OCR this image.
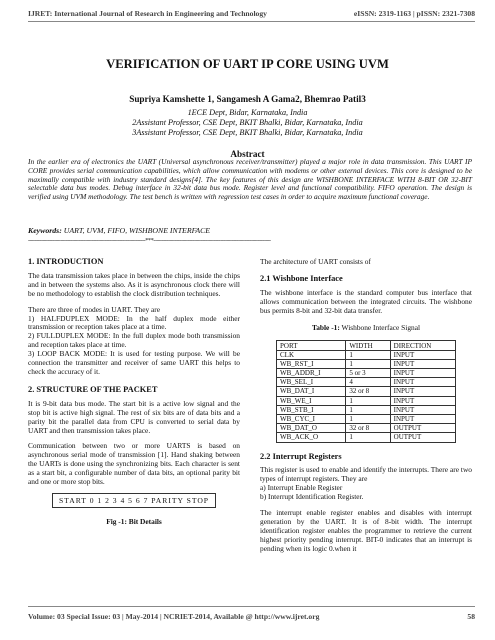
IJRET: International Journal of Research in Engineering and Technology	eISSN: 2319-1163 | pISSN: 2321-7308
VERIFICATION OF UART IP CORE USING UVM
Supriya Kamshette 1, Sangamesh A Gama2, Bhemrao Patil3
1ECE Dept, Bidar, Karnataka, India
2Assistant Professor, CSE Dept, BKIT Bhalki, Bidar, Karnataka, India
3Assistant Professor, CSE Dept, BKIT Bhalki, Bidar, Karnataka, India
Abstract
In the earlier era of electronics the UART (Universal asynchronous receiver/transmitter) played a major role in data transmission. This UART IP CORE provides serial communication capabilities, which allow communication with modems or other external devices. This core is designed to be maximally compatible with industry standard designs[4]. The key features of this design are WISHBONE INTERFACE WITH 8-BIT OR 32-BIT selectable data bus modes. Debug interface in 32-bit data bus mode. Register level and functional compatibility. FIFO operation. The design is verified using UVM methodology. The test bench is written with regression test cases in order to acquire maximum functional coverage.
Keywords: UART, UVM, FIFO, WISHBONE INTERFACE
------------------------------------------------------------------------***------------------------------------------------------------------------

1. INTRODUCTION

The data transmission takes place in between the chips, inside the chips and in between the systems also. As it is asynchronous clock there will be no methodology to establish the clock distribution techniques.

There are three of modes in UART. They are

1) HALFDUPLEX MODE: In the half duplex mode either transmission or reception takes place at a time.

2) FULLDUPLEX MODE: In the full duplex mode both transmission and reception takes place at time.

3) LOOP BACK MODE: It is used for testing purpose. We will be connection the transmitter and receiver of same UART this helps to check the accuracy of it.

2. STRUCTURE OF THE PACKET

It is 9-bit data bus mode. The start bit is a active low signal and the stop bit is active high signal. The rest of six bits are of data bits and a parity bit the parallel data from CPU is converted to serial data by UART and then transmission takes place.

Communication between two or more UARTS is based on asynchronous serial mode of transmission [1]. Hand shaking between the UARTs is done using the synchronizing bits. Each character is sent as a start bit, a configurable number of data bits, an optional parity bit and one or more stop bits.

START 0 1 2 3 4 5 6 7 PARITY STOP
Fig -1: Bit Details

The architecture of UART consists of

2.1 Wishbone Interface

The wishbone interface is the standard computer bus interface that allows communication between the integrated circuits. The wishbone bus permits 8-bit and 32-bit data transfer.

Table -1: Wishbone Interface Signal
PORT	WIDTH	DIRECTION
CLK	1	INPUT
WB_RST_I	1	INPUT
WB_ADDR_I	5 or 3	INPUT
WB_SEL_I	4	INPUT
WB_DAT_I	32 or 8	INPUT
WB_WE_I	1	INPUT
WB_STB_I	1	INPUT
WB_CYC_I	1	INPUT
WB_DAT_O	32 or 8	OUTPUT
WB_ACK_O	1	OUTPUT

2.2 Interrupt Registers

This register is used to enable and identify the interrupts. There are two types of interrupt registers. They are

a) Interrupt Enable Register

b) Interrupt Identification Register.

The interrupt enable register enables and disables with interrupt generation by the UART. It is of 8-bit width. The interrupt identification register enables the programmer to retrieve the current highest priority pending interrupt. BIT-0 indicates that an interrupt is pending when its logic 0.when it

Volume: 03 Special Issue: 03 | May-2014 | NCRIET-2014, Available @ http://www.ijret.org	58
